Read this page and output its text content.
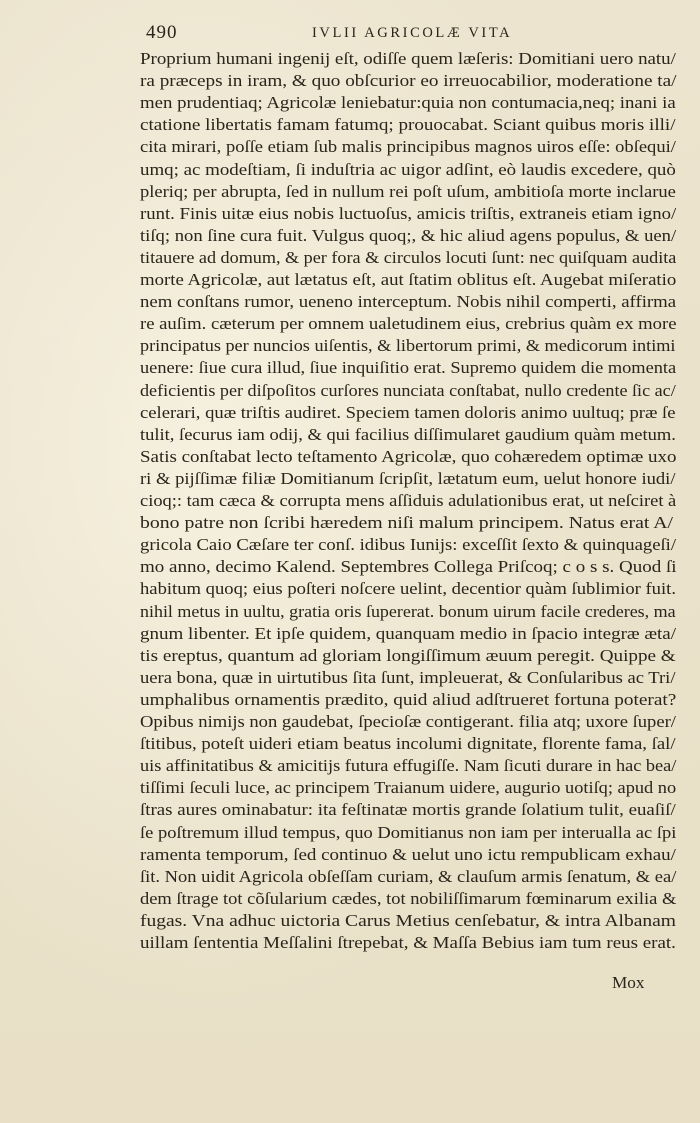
490	IVLII AGRICOLÆ VITA
Proprium humani ingenij eſt, odiſſe quem læſeris: Domitiani uero natu/
ra præceps in iram, & quo obſcurior eo irreuocabilior, moderatione ta/
men prudentiaq; Agricolæ leniebatur:quia non contumacia,neq; inani ia
ctatione libertatis famam fatumq; prouocabat. Sciant quibus moris illi/
cita mirari, poſſe etiam ſub malis principibus magnos uiros eſſe: obſequi/
umq; ac modeſtiam, ſi induſtria ac uigor adſint, eò laudis excedere, quò
pleriq; per abrupta, ſed in nullum rei poſt uſum, ambitioſa morte inclarue
runt. Finis uitæ eius nobis luctuoſus, amicis triſtis, extraneis etiam igno/
tiſq; non ſine cura fuit. Vulgus quoq;, & hic aliud agens populus, & uen/
titauere ad domum, & per fora & circulos locuti ſunt: nec quiſquam audita
morte Agricolæ, aut lætatus eſt, aut ſtatim oblitus eſt. Augebat miſeratio
nem conſtans rumor, ueneno interceptum. Nobis nihil comperti, affirma
re auſim. cæterum per omnem ualetudinem eius, crebrius quàm ex more
principatus per nuncios uiſentis, & libertorum primi, & medicorum intimi
uenere: ſiue cura illud, ſiue inquiſitio erat. Supremo quidem die momenta
deficientis per diſpoſitos curſores nunciata conſtabat, nullo credente ſic ac/
celerari, quæ triſtis audiret. Speciem tamen doloris animo uultuq; præ ſe
tulit, ſecurus iam odij, & qui facilius diſſimularet gaudium quàm metum.
Satis conſtabat lecto teſtamento Agricolæ, quo cohæredem optimæ uxo
ri & pijſſimæ filiæ Domitianum ſcripſit, lætatum eum, uelut honore iudi/
cioq;: tam cæca & corrupta mens aſſiduis adulationibus erat, ut neſciret à
bono patre non ſcribi hæredem niſi malum principem. Natus erat A/
gricola Caio Cæſare ter conſ. idibus Iunijs: exceſſit ſexto & quinquageſi/
mo anno, decimo Kalend. Septembres Collega Priſcoq; c o s s. Quod ſi
habitum quoq; eius poſteri noſcere uelint, decentior quàm ſublimior fuit.
nihil metus in uultu, gratia oris ſupererat. bonum uirum facile crederes, ma
gnum libenter. Et ipſe quidem, quanquam medio in ſpacio integræ æta/
tis ereptus, quantum ad gloriam longiſſimum æuum peregit. Quippe &
uera bona, quæ in uirtutibus ſita ſunt, impleuerat, & Conſularibus ac Tri/
umphalibus ornamentis prædito, quid aliud adſtrueret fortuna poterat?
Opibus nimijs non gaudebat, ſpecioſæ contigerant. filia atq; uxore ſuper/
ſtitibus, poteſt uideri etiam beatus incolumi dignitate, florente fama, ſal/
uis affinitatibus & amicitijs futura effugiſſe. Nam ſicuti durare in hac bea/
tiſſimi ſeculi luce, ac principem Traianum uidere, augurio uotiſq; apud no
ſtras aures ominabatur: ita feſtinatæ mortis grande ſolatium tulit, euaſiſ/
ſe poſtremum illud tempus, quo Domitianus non iam per interualla ac ſpi
ramenta temporum, ſed continuo & uelut uno ictu rempublicam exhau/
ſit. Non uidit Agricola obſeſſam curiam, & clauſum armis ſenatum, & ea/
dem ſtrage tot cõſularium cædes, tot nobiliſſimarum fœminarum exilia &
fugas. Vna adhuc uictoria Carus Metius cenſebatur, & intra Albanam
uillam ſententia Meſſalini ſtrepebat, & Maſſa Bebius iam tum reus erat.
Mox
